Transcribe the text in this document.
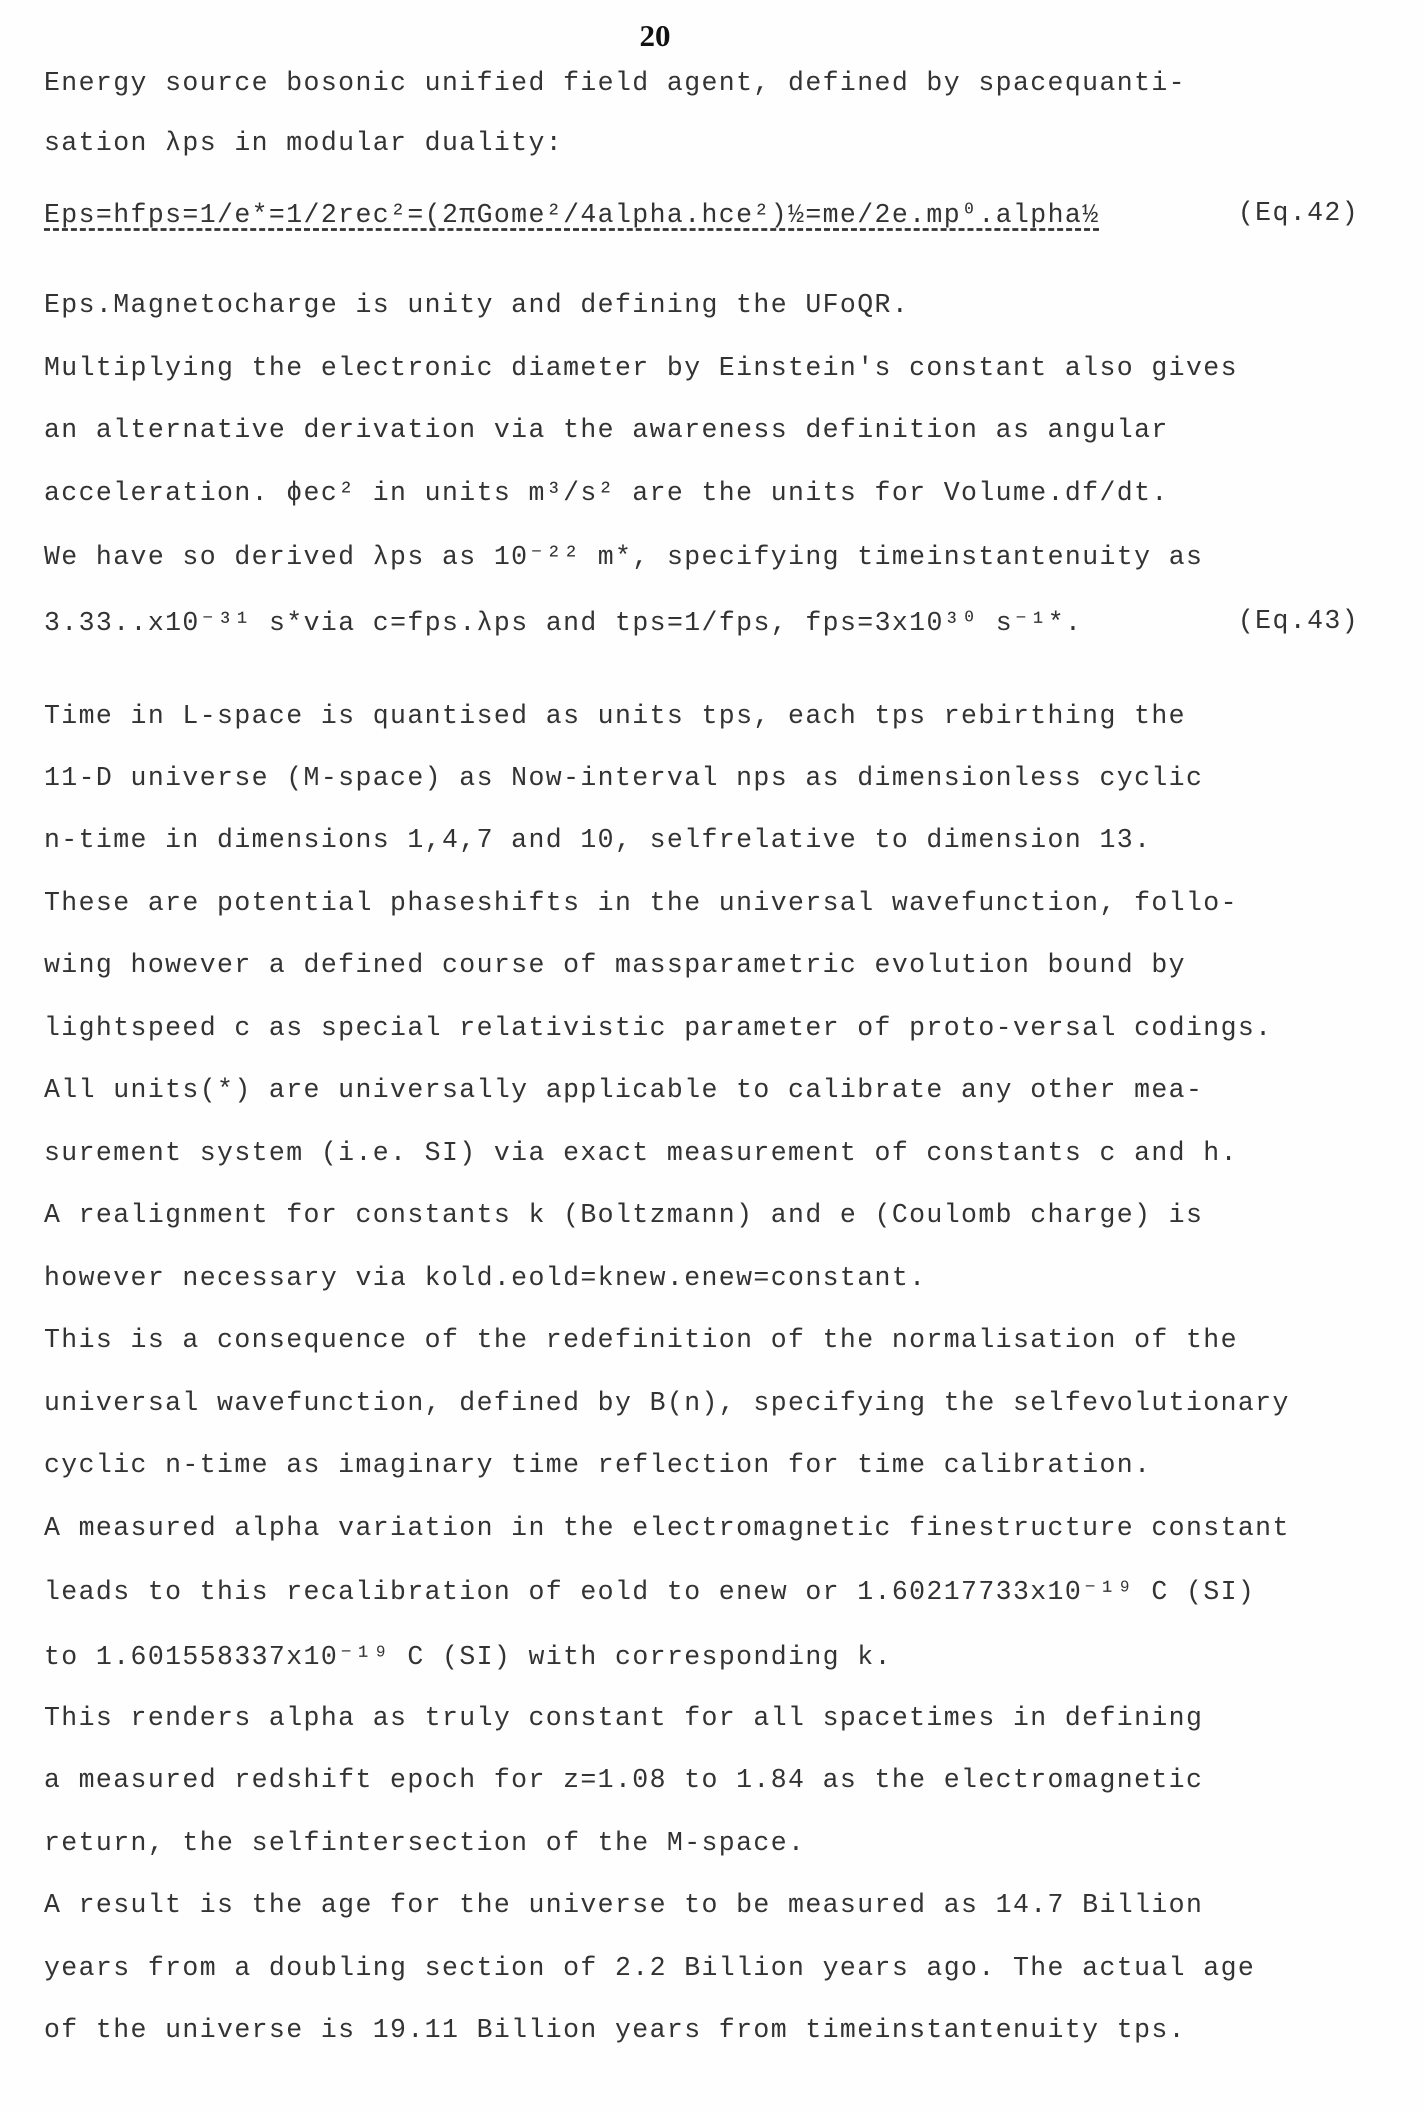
20
Energy source bosonic unified field agent, defined by spacequanti-
sation λps in modular duality:
Eps=hfps=1/e*=1/2rec²=(2πGome²/4alpha.hce²)½=me/2e.mp⁰.alpha½	(Eq.42)
Eps.Magnetocharge is unity and defining the UFoQR.
Multiplying the electronic diameter by Einstein's constant also gives
an alternative derivation via the awareness definition as angular
acceleration. ϕec² in units m³/s² are the units for Volume.df/dt.
We have so derived λps as 10⁻²² m*, specifying timeinstantenuity as
3.33..x10⁻³¹ s*via c=fps.λps and tps=1/fps, fps=3x10³⁰ s⁻¹*.	(Eq.43)
Time in L-space is quantised as units tps, each tps rebirthing the
11-D universe (M-space) as Now-interval nps as dimensionless cyclic
n-time in dimensions 1,4,7 and 10, selfrelative to dimension 13.
These are potential phaseshifts in the universal wavefunction, follo-
wing however a defined course of massparametric evolution bound by
lightspeed c as special relativistic parameter of proto-versal codings.
All units(*) are universally applicable to calibrate any other mea-
surement system (i.e. SI) via exact measurement of constants c and h.
A realignment for constants k (Boltzmann) and e (Coulomb charge) is
however necessary via kold.eold=knew.enew=constant.
This is a consequence of the redefinition of the normalisation of the
universal wavefunction, defined by B(n), specifying the selfevolutionary
cyclic n-time as imaginary time reflection for time calibration.
A measured alpha variation in the electromagnetic finestructure constant
leads to this recalibration of eold to enew or 1.60217733x10⁻¹⁹ C (SI)
to 1.601558337x10⁻¹⁹ C (SI) with corresponding k.
This renders alpha as truly constant for all spacetimes in defining
a measured redshift epoch for z=1.08 to 1.84 as the electromagnetic
return, the selfintersection of the M-space.
A result is the age for the universe to be measured as 14.7 Billion
years from a doubling section of 2.2 Billion years ago. The actual age
of the universe is 19.11 Billion years from timeinstantenuity tps.
